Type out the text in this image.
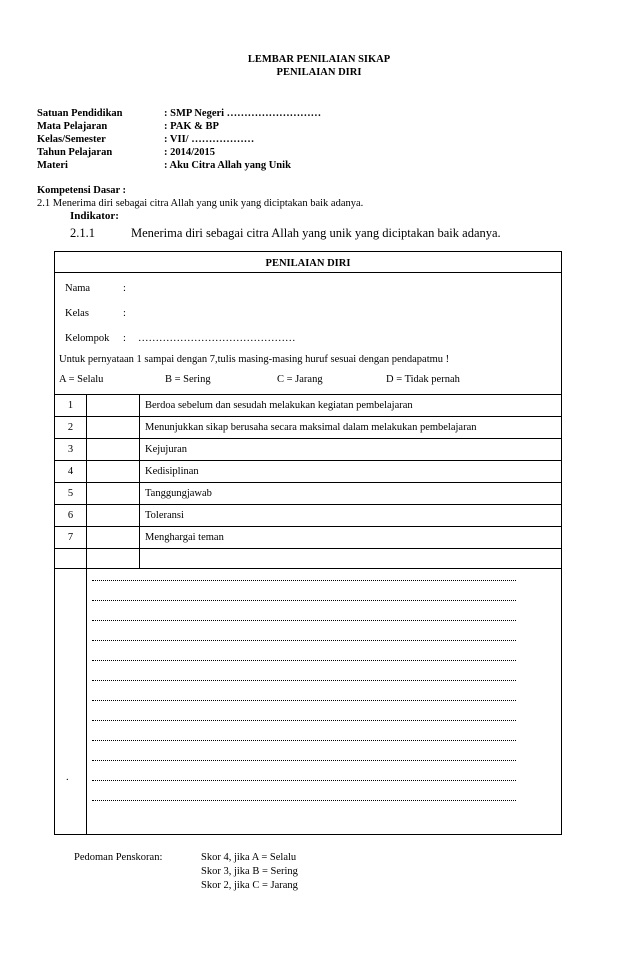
LEMBAR PENILAIAN SIKAP
PENILAIAN DIRI
Satuan Pendidikan	: SMP Negeri ………………………
Mata Pelajaran	: PAK & BP
Kelas/Semester	: VII/ ………………
Tahun Pelajaran	: 2014/2015
Materi	: Aku Citra Allah yang Unik
Kompetensi Dasar :
2.1 Menerima diri sebagai citra Allah yang unik yang diciptakan baik adanya.
Indikator:
2.1.1	Menerima diri sebagai citra Allah yang unik yang diciptakan baik adanya.
PENILAIAN DIRI
Nama	:
Kelas	:
Kelompok : ………………………………………
Untuk pernyataan 1 sampai dengan 7,tulis masing-masing huruf sesuai dengan pendapatmu !
A = Selalu	B = Sering	C = Jarang	D = Tidak pernah
1	Berdoa sebelum dan sesudah melakukan kegiatan pembelajaran
2	Menunjukkan sikap berusaha secara maksimal dalam melakukan pembelajaran
3	Kejujuran
4	Kedisiplinan
5	Tanggungjawab
6	Toleransi
7	Menghargai teman
.
Pedoman Penskoran:	Skor 4, jika A = Selalu
Skor 3, jika B = Sering
Skor 2, jika C = Jarang
